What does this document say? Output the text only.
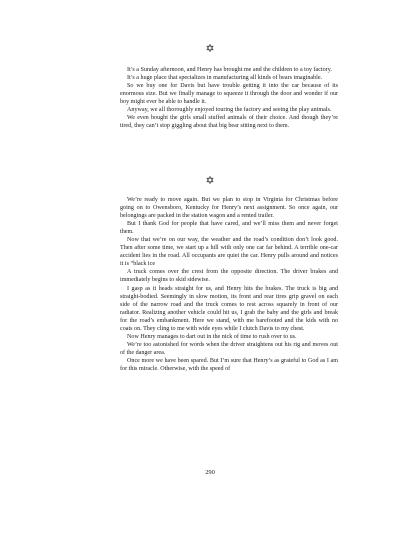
✡

It’s a Sunday afternoon, and Henry has brought me and the children to a toy factory.

It’s a huge place that specializes in manufacturing all kinds of bears imaginable.

So we buy one for Davis but have trouble getting it into the car because of its enormous size. But we finally manage to squeeze it through the door and wonder if our boy might ever be able to handle it.

Anyway, we all thoroughly enjoyed touring the factory and seeing the play animals.

We even bought the girls small stuffed animals of their choice. And though they’re tired, they can’t stop giggling about that big bear sitting next to them.

✡

We’re ready to move again. But we plan to stop in Virginia for Christmas before going on to Owensboro, Kentucky for Henry’s next assignment. So once again, our belongings are packed in the station wagon and a rented trailer.

But I thank God for people that have cared, and we’ll miss them and never forget them.

Now that we’re on our way, the weather and the road’s condition don’t look good. Then after some time, we start up a hill with only one car far behind. A terrible one-car accident lies in the road. All occupants are quiet the car. Henry pulls around and notices it is “black ice

A truck comes over the crest from the opposite direction. The driver brakes and immediately begins to skid sidewise.

I gasp as it heads straight for us, and Henry hits the brakes. The truck is big and straight-bodied. Seemingly in slow motion, its front and rear tires grip gravel on each side of the narrow road and the truck comes to rest across squarely in front of our radiator. Realizing another vehicle could hit us, I grab the baby and the girls and break for the road’s embankment. Here we stand, with me barefooted and the kids with no coats on. They cling to me with wide eyes while I clutch Davis to my chest.

Now Henry manages to dart out in the nick of time to rush over to us.

We’re too astonished for words when the driver straightens out his rig and moves out of the danger area.

Once more we have been spared. But I’m sure that Henry’s as grateful to God as I am for this miracle. Otherwise, with the speed of

290
